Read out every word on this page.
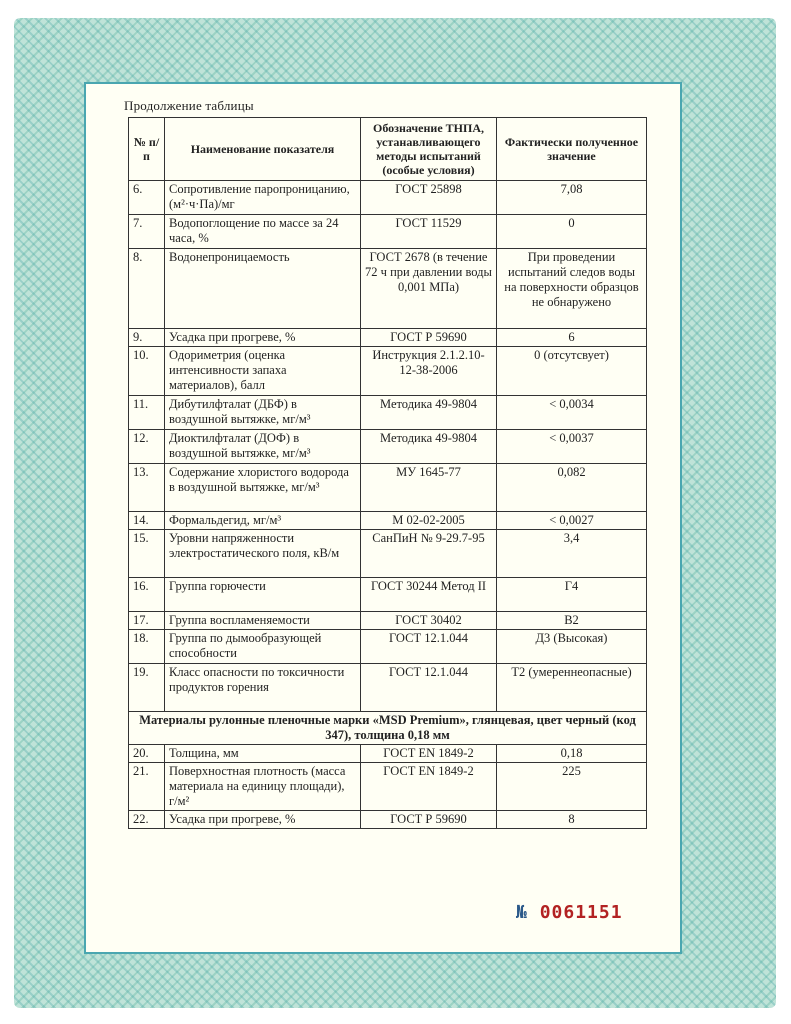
Продолжение таблицы
№ п/п	Наименование показателя	Обозначение ТНПА, устанавливающего методы испытаний (особые условия)	Фактически полученное значение
6.	Сопротивление паропроницанию, (м²·ч·Па)/мг	ГОСТ 25898	7,08
7.	Водопоглощение по массе за 24 часа, %	ГОСТ 11529	0
8.	Водонепроницаемость	ГОСТ 2678 (в течение 72 ч при давлении воды 0,001 МПа)	При проведении испытаний следов воды на поверхности образцов не обнаружено
9.	Усадка при прогреве, %	ГОСТ Р 59690	6
10.	Одориметрия (оценка интенсивности запаха материалов), балл	Инструкция 2.1.2.10-12-38-2006	0 (отсутсвует)
11.	Дибутилфталат (ДБФ) в воздушной вытяжке, мг/м³	Методика 49-9804	< 0,0034
12.	Диоктилфталат (ДОФ) в воздушной вытяжке, мг/м³	Методика 49-9804	< 0,0037
13.	Содержание хлористого водорода в воздушной вытяжке, мг/м³	МУ 1645-77	0,082
14.	Формальдегид, мг/м³	М 02-02-2005	< 0,0027
15.	Уровни напряженности электростатического поля, кВ/м	СанПиН № 9-29.7-95	3,4
16.	Группа горючести	ГОСТ 30244 Метод II	Г4
17.	Группа воспламеняемости	ГОСТ 30402	В2
18.	Группа по дымообразующей способности	ГОСТ 12.1.044	Д3 (Высокая)
19.	Класс опасности по токсичности продуктов горения	ГОСТ 12.1.044	Т2 (умереннеопасные)
Материалы рулонные пленочные марки «MSD Premium», глянцевая, цвет черный (код 347), толщина 0,18 мм			
20.	Толщина, мм	ГОСТ EN 1849-2	0,18
21.	Поверхностная плотность (масса материала на единицу площади), г/м²	ГОСТ EN 1849-2	225
22.	Усадка при прогреве, %	ГОСТ Р 59690	8
№ 0061151
